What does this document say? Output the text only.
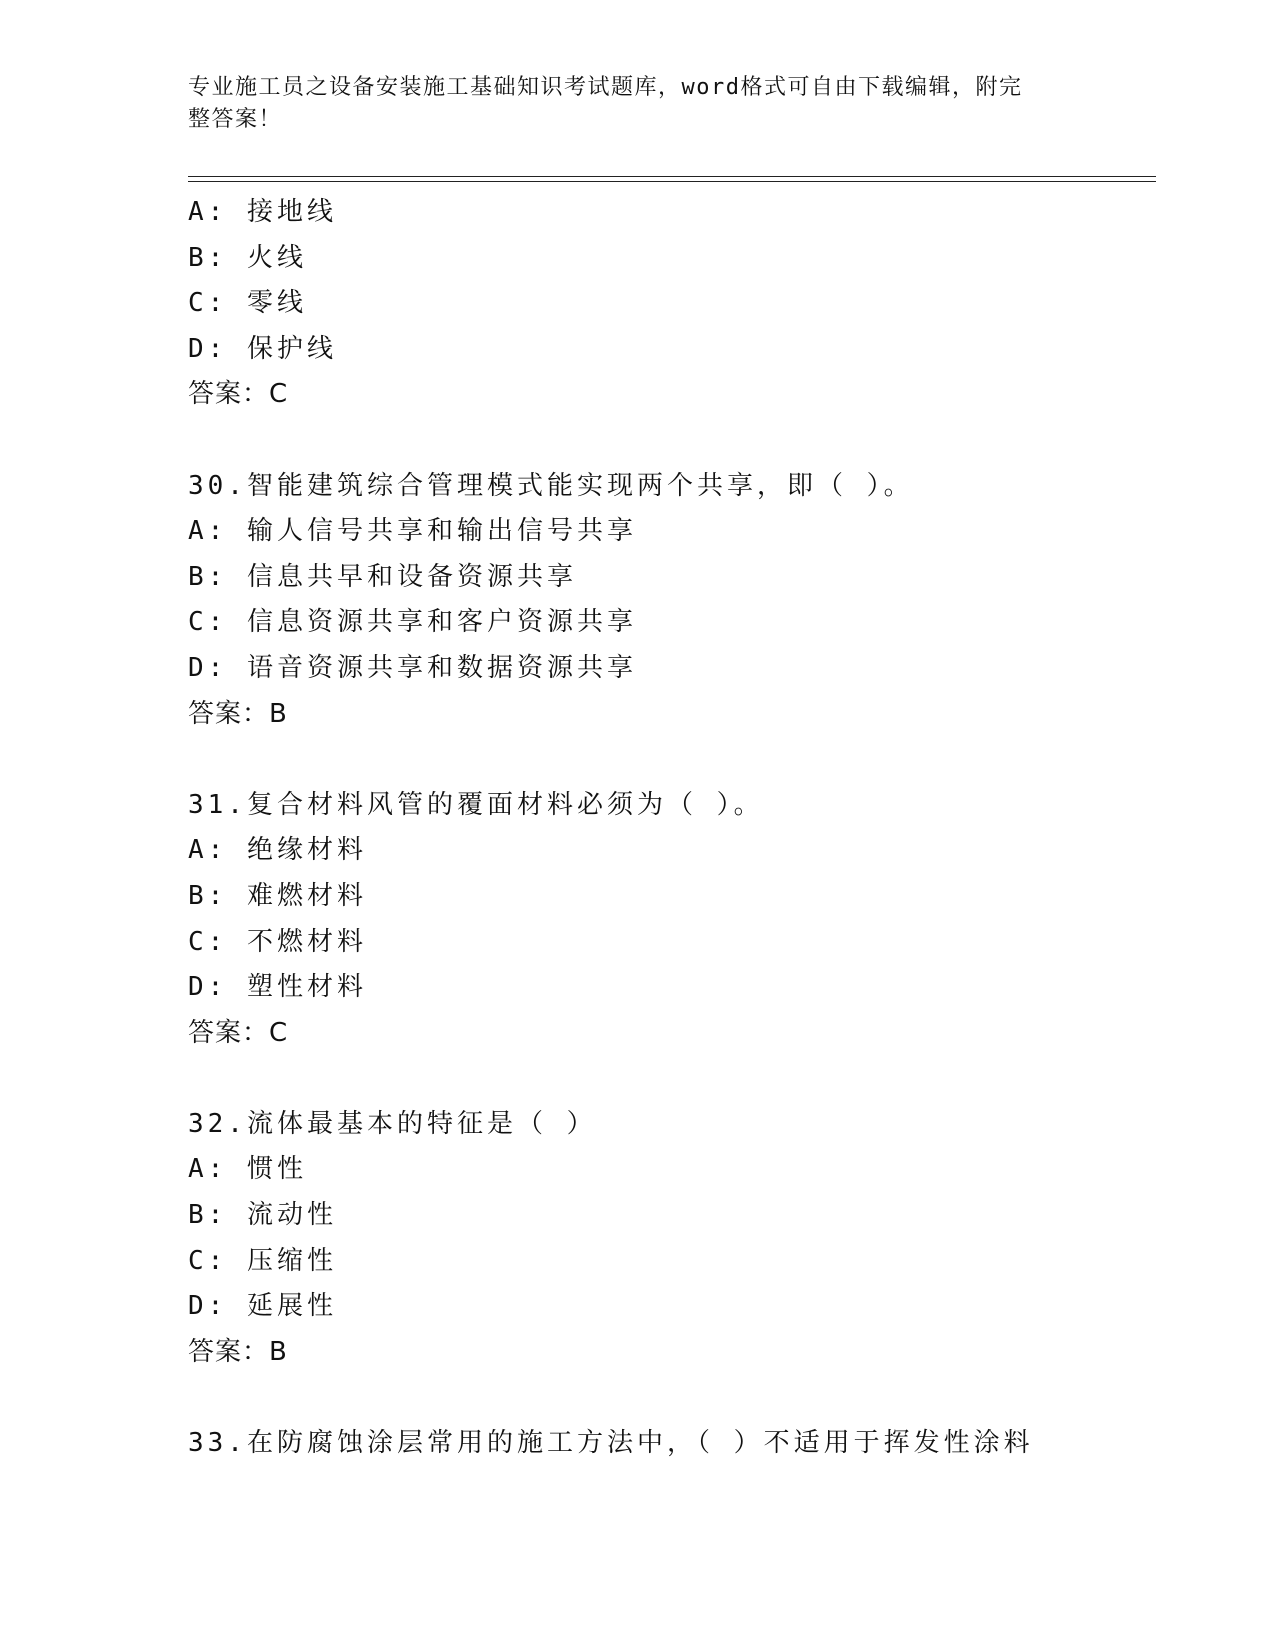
专业施工员之设备安装施工基础知识考试题库，word格式可自由下载编辑，附完
整答案！
A: 接地线
B: 火线
C: 零线
D: 保护线
答案：C
30.智能建筑综合管理模式能实现两个共享，即（ ）。
A: 输人信号共享和输出信号共享
B: 信息共早和设备资源共享
C: 信息资源共享和客户资源共享
D: 语音资源共享和数据资源共享
答案：B
31.复合材料风管的覆面材料必须为（ ）。
A: 绝缘材料
B: 难燃材料
C: 不燃材料
D: 塑性材料
答案：C
32.流体最基本的特征是（ ）
A: 惯性
B: 流动性
C: 压缩性
D: 延展性
答案：B
33.在防腐蚀涂层常用的施工方法中，（ ）不适用于挥发性涂料
